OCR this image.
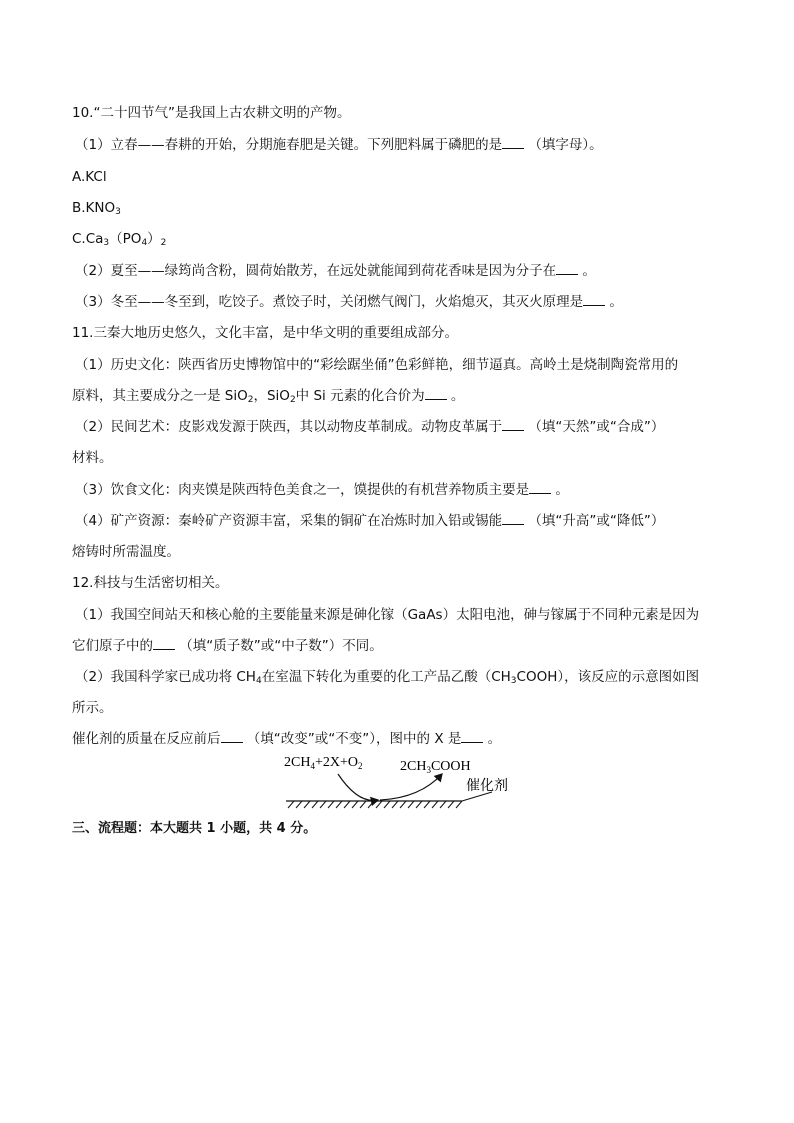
10.“二十四节气”是我国上古农耕文明的产物。
（1）立春——春耕的开始，分期施春肥是关键。下列肥料属于磷肥的是 （填字母）。
A.KCl
$B.KNO_3$
$C.Ca_3(PO_4)_2$
（2）夏至——绿筠尚含粉，圆荷始散芳，在远处就能闻到荷花香味是因为分子在 。
（3）冬至——冬至到，吃饺子。煮饺子时，关闭燃气阀门，火焰熄灭，其灭火原理是 。
11.三秦大地历史悠久，文化丰富，是中华文明的重要组成部分。
（1）历史文化：陕西省历史博物馆中的“彩绘踞坐俑”色彩鲜艳，细节逼真。高岭土是烧制陶瓷常用的
原料，其主要成分之一是 SiO$_2$，SiO$_2$中 Si 元素的化合价为 。
（2）民间艺术：皮影戏发源于陕西，其以动物皮革制成。动物皮革属于 （填“天然”或“合成”）
材料。
（3）饮食文化：肉夹馍是陕西特色美食之一，馍提供的有机营养物质主要是 。
（4）矿产资源：秦岭矿产资源丰富，采集的铜矿在冶炼时加入铅或锡能 （填“升高”或“降低”）
熔铸时所需温度。
12.科技与生活密切相关。
（1）我国空间站天和核心舱的主要能量来源是砷化镓（GaAs）太阳电池，砷与镓属于不同种元素是因为
它们原子中的 （填“质子数”或“中子数”）不同。
（2）我国科学家已成功将 $CH_4$在室温下转化为重要的化工产品乙酸$(CH_3COOH)$，该反应的示意图如图
所示。
催化剂的质量在反应前后 （填“改变”或“不变”），图中的 X 是 。
$2CH_4+2X+O_2$	$2CH_3COOH$
催化剂
三、流程题：本大题共 1 小题，共 4 分。
